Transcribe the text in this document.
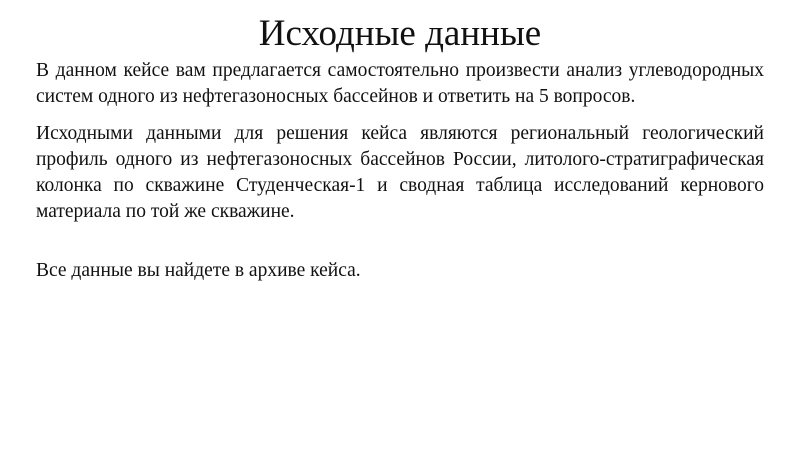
Исходные данные

В данном кейсе вам предлагается самостоятельно произвести анализ углеводородных систем одного из нефтегазоносных бассейнов и ответить на 5 вопросов.

Исходными данными для решения кейса являются региональный геологический профиль одного из нефтегазоносных бассейнов России, литолого-стратиграфическая колонка по скважине Студенческая-1 и сводная таблица исследований кернового материала по той же скважине.

Все данные вы найдете в архиве кейса.
